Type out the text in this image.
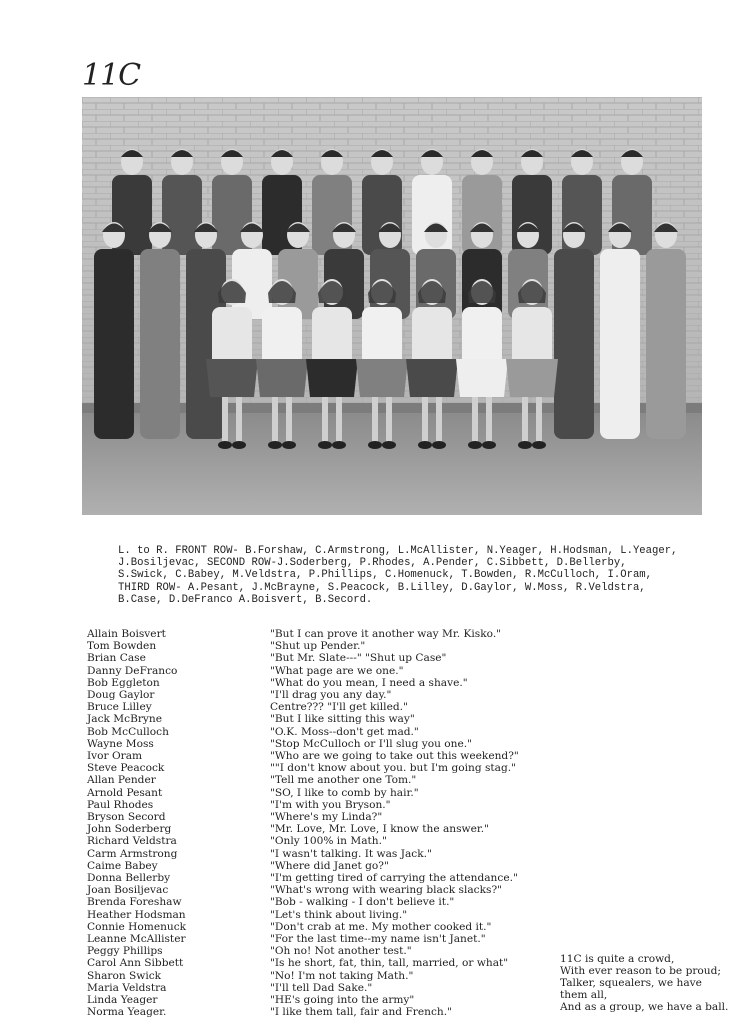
11C

L. to R. FRONT ROW- B.Forshaw, C.Armstrong, L.McAllister, N.Yeager, H.Hodsman, L.Yeager, J.Bosiljevac, SECOND ROW-J.Soderberg, P.Rhodes, A.Pender, C.Sibbett, D.Bellerby, S.Swick, C.Babey, M.Veldstra, P.Phillips, C.Homenuck, T.Bowden, R.McCulloch, I.Oram, THIRD ROW- A.Pesant, J.McBrayne, S.Peacock, B.Lilley, D.Gaylor, W.Moss, R.Veldstra, B.Case, D.DeFranco A.Boisvert, B.Secord.

Allain Boisvert
Tom Bowden
Brian Case
Danny DeFranco
Bob Eggleton
Doug Gaylor
Bruce Lilley
Jack McBryne
Bob McCulloch
Wayne Moss
Ivor Oram
Steve Peacock
Allan Pender
Arnold Pesant
Paul Rhodes
Bryson Secord
John Soderberg
Richard Veldstra
Carm Armstrong
Caime Babey
Donna Bellerby
Joan Bosiljevac
Brenda Foreshaw
Heather Hodsman
Connie Homenuck
Leanne McAllister
Peggy Phillips
Carol Ann Sibbett
Sharon Swick
Maria Veldstra
Linda Yeager
Norma Yeager.
"But I can prove it another way Mr. Kisko."
"Shut up Pender."
"But Mr. Slate---" "Shut up Case"
"What page are we one."
"What do you mean, I need a shave."
"I'll drag you any day."
Centre??? "I'll get killed."
"But I like sitting this way"
"O.K. Moss--don't get mad."
"Stop McCulloch or I'll slug you one."
"Who are we going to take out this weekend?"
""I don't know about you. but I'm going stag."
"Tell me another one Tom."
"SO, I like to comb by hair."
"I'm with you Bryson."
"Where's my Linda?"
"Mr. Love, Mr. Love, I know the answer."
"Only 100% in Math."
"I wasn't talking. It was Jack."
"Where did Janet go?"
"I'm getting tired of carrying the attendance."
"What's wrong with wearing black slacks?"
"Bob - walking - I don't believe it."
"Let's think about living."
"Don't crab at me. My mother cooked it."
"For the last time--my name isn't Janet."
"Oh no! Not another test."
"Is he short, fat, thin, tall, married, or what"
"No! I'm not taking Math."
"I'll tell Dad Sake."
"HE's going into the army"
"I like them tall, fair and French."
11C is quite a crowd,
With ever reason to be proud;
Talker, squealers, we have
them all,
And as a group, we have a ball.
